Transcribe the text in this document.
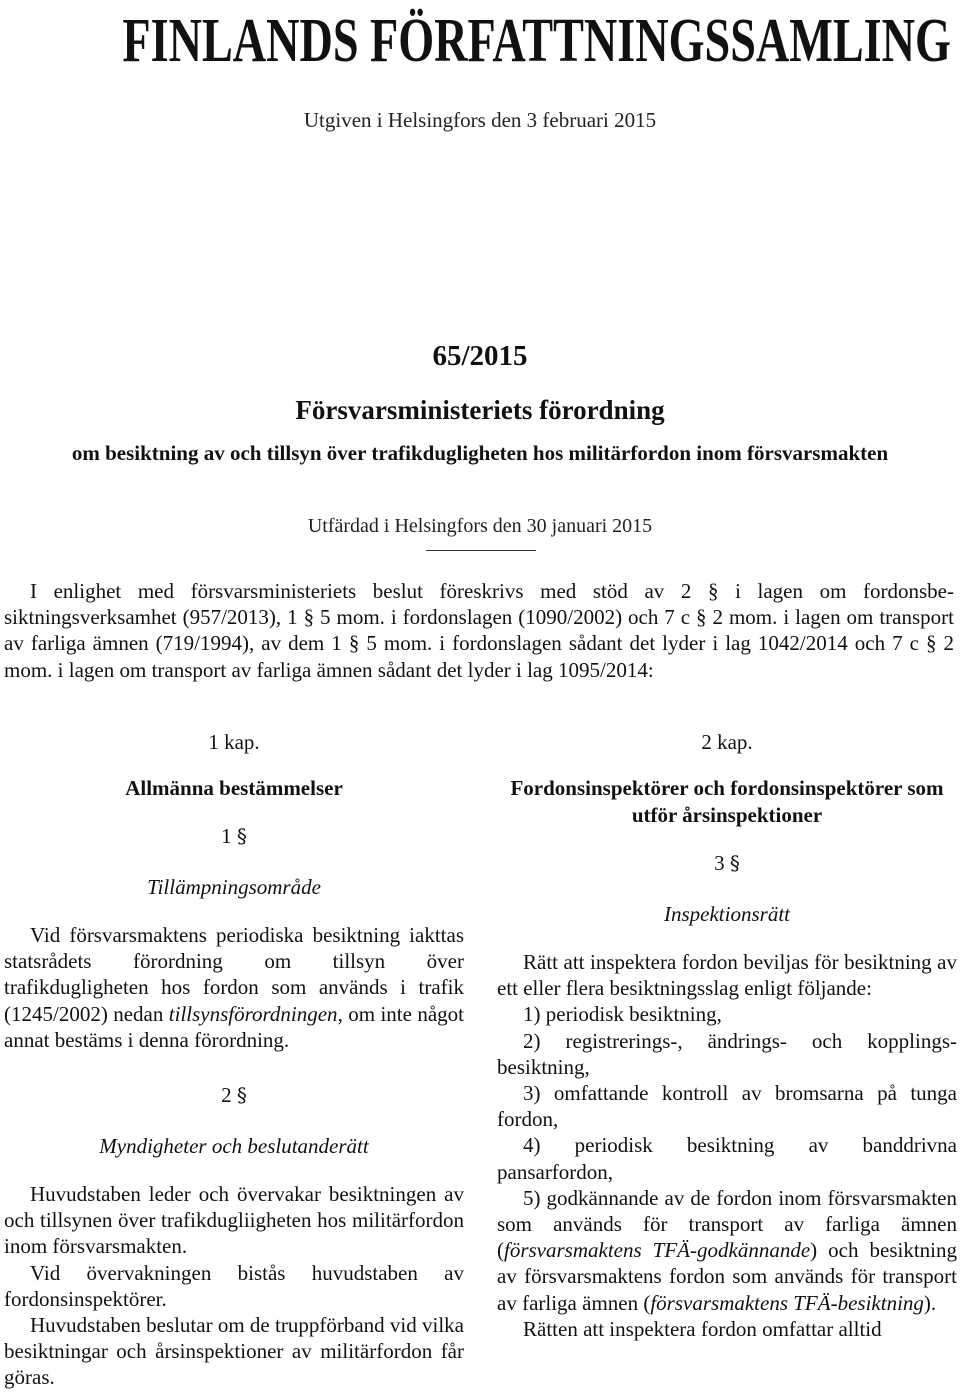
FINLANDS FÖRFATTNINGSSAMLING
Utgiven i Helsingfors den 3 februari 2015
65/2015
Försvarsministeriets förordning
om besiktning av och tillsyn över trafikdugligheten hos militärfordon inom försvarsmakten
Utfärdad i Helsingfors den 30 januari 2015
I enlighet med försvarsministeriets beslut föreskrivs med stöd av 2 § i lagen om fordonsbesiktningsverksamhet (957/2013), 1 § 5 mom. i fordonslagen (1090/2002) och 7 c § 2 mom. i lagen om transport av farliga ämnen (719/1994), av dem 1 § 5 mom. i fordonslagen sådant det lyder i lag 1042/2014 och 7 c § 2 mom. i lagen om transport av farliga ämnen sådant det lyder i lag 1095/2014:
1 kap.
Allmänna bestämmelser
1 §
Tillämpningsområde
Vid försvarsmaktens periodiska besiktning iakttas statsrådets förordning om tillsyn över trafikdugligheten hos fordon som används i trafik (1245/2002) nedan tillsynsförordningen, om inte något annat bestäms i denna förordning.
2 §
Myndigheter och beslutanderätt
Huvudstaben leder och övervakar besiktningen av och tillsynen över trafikdugliigheten hos militärfordon inom försvarsmakten.
Vid övervakningen bistås huvudstaben av fordonsinspektörer.
Huvudstaben beslutar om de truppförband vid vilka besiktningar och årsinspektioner av militärfordon får göras.
2 kap.
Fordonsinspektörer och fordonsinspektörer som utför årsinspektioner
3 §
Inspektionsrätt
Rätt att inspektera fordon beviljas för besiktning av ett eller flera besiktningsslag enligt följande:
1) periodisk besiktning,
2) registrerings-, ändrings- och kopplingsbesiktning,
3) omfattande kontroll av bromsarna på tunga fordon,
4) periodisk besiktning av banddrivna pansarfordon,
5) godkännande av de fordon inom försvarsmakten som används för transport av farliga ämnen (försvarsmaktens TFÄ-godkännande) och besiktning av försvarsmaktens fordon som används för transport av farliga ämnen (försvarsmaktens TFÄ-besiktning).
Rätten att inspektera fordon omfattar alltid
